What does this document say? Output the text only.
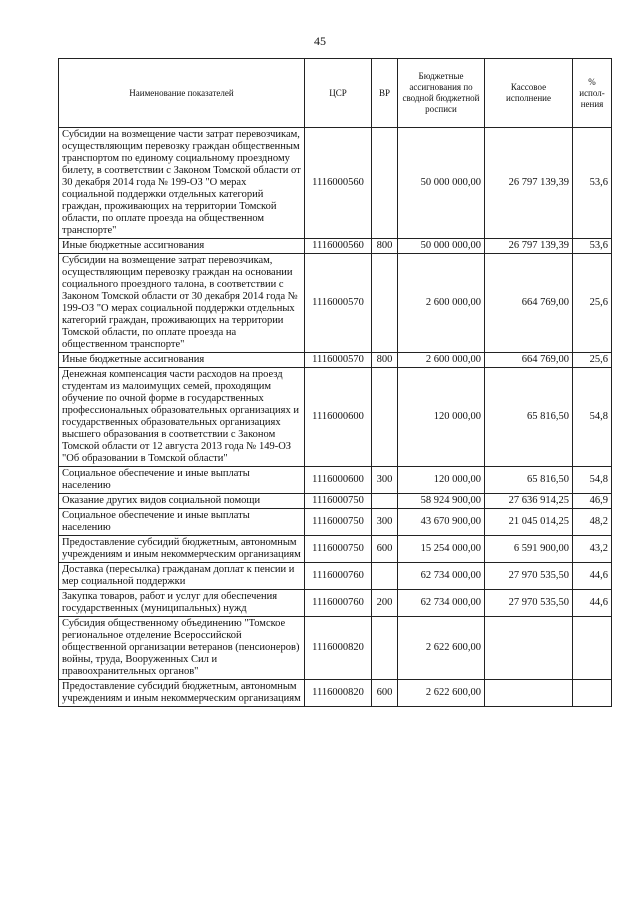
45
Наименование показателей	ЦСР	ВР	Бюджетные ассигнования по сводной бюджетной росписи	Кассовое исполнение	% испол-нения
Субсидии на возмещение части затрат перевозчикам, осуществляющим перевозку граждан общественным транспортом по единому социальному проездному билету, в соответствии с Законом Томской области от 30 декабря 2014 года № 199-ОЗ "О мерах социальной поддержки отдельных категорий граждан, проживающих на территории Томской области, по оплате проезда на общественном транспорте"	1116000560		50 000 000,00	26 797 139,39	53,6
Иные бюджетные ассигнования	1116000560	800	50 000 000,00	26 797 139,39	53,6
Субсидии на возмещение затрат перевозчикам, осуществляющим перевозку граждан на основании социального проездного талона, в соответствии с Законом Томской области от 30 декабря 2014 года № 199-ОЗ "О мерах социальной поддержки отдельных категорий граждан, проживающих на территории Томской области, по оплате проезда на общественном транспорте"	1116000570		2 600 000,00	664 769,00	25,6
Иные бюджетные ассигнования	1116000570	800	2 600 000,00	664 769,00	25,6
Денежная компенсация части расходов на проезд студентам из малоимущих семей, проходящим обучение по очной форме в государственных профессиональных образовательных организациях и государственных образовательных организациях высшего образования в соответствии с Законом Томской области от 12 августа 2013 года № 149-ОЗ "Об образовании в Томской области"	1116000600		120 000,00	65 816,50	54,8
Социальное обеспечение и иные выплаты населению	1116000600	300	120 000,00	65 816,50	54,8
Оказание других видов социальной помощи	1116000750		58 924 900,00	27 636 914,25	46,9
Социальное обеспечение и иные выплаты населению	1116000750	300	43 670 900,00	21 045 014,25	48,2
Предоставление субсидий бюджетным, автономным учреждениям и иным некоммерческим организациям	1116000750	600	15 254 000,00	6 591 900,00	43,2
Доставка (пересылка) гражданам доплат к пенсии и мер социальной поддержки	1116000760		62 734 000,00	27 970 535,50	44,6
Закупка товаров, работ и услуг для обеспечения государственных (муниципальных) нужд	1116000760	200	62 734 000,00	27 970 535,50	44,6
Субсидия общественному объединению "Томское региональное отделение Всероссийской общественной организации ветеранов (пенсионеров) войны, труда, Вооруженных Сил и правоохранительных органов"	1116000820		2 622 600,00		
Предоставление субсидий бюджетным, автономным учреждениям и иным некоммерческим организациям	1116000820	600	2 622 600,00		
